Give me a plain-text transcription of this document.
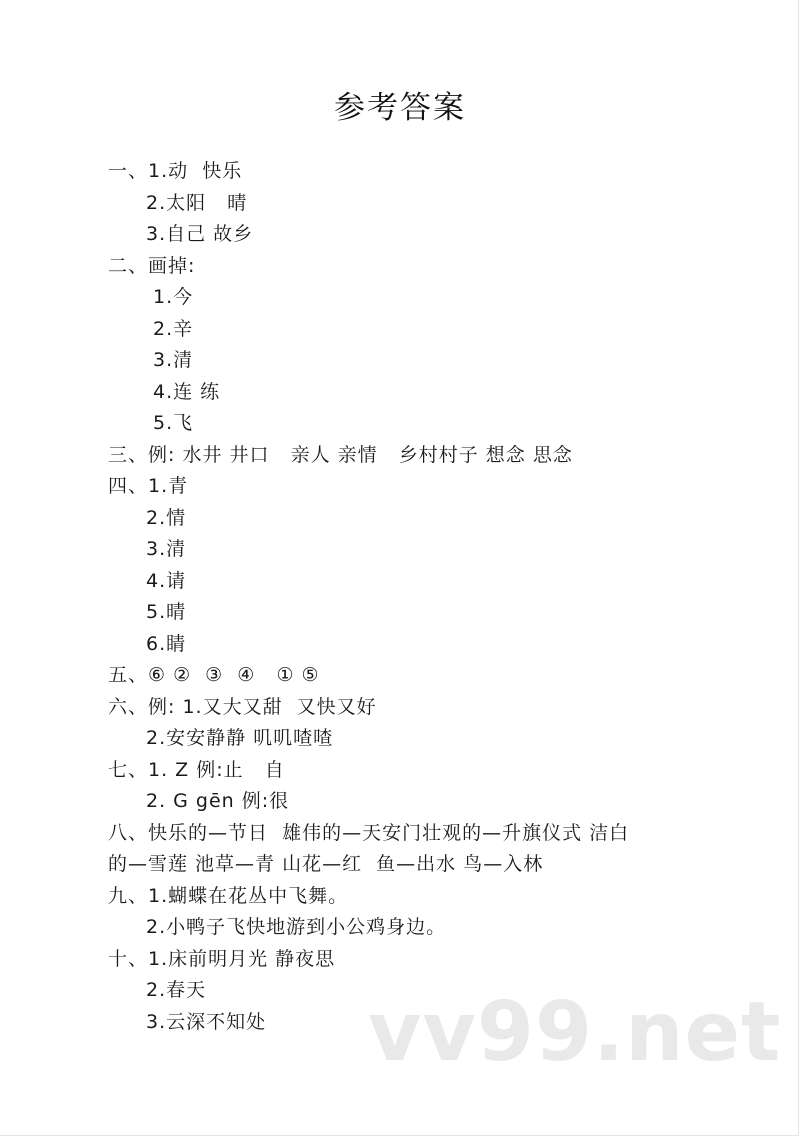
参考答案
一、1.动  快乐
2.太阳   晴
3.自己 故乡
二、画掉:
1.今
2.辛
3.清
4.连 练
5.飞
三、例: 水井 井口   亲人 亲情   乡村村子 想念 思念
四、1.青
2.情
3.清
4.请
5.晴
6.睛
五、⑥ ②  ③  ④   ① ⑤
六、例: 1.又大又甜  又快又好
2.安安静静 叽叽喳喳
七、1. Z 例:止   自
2. G gēn 例:很
八、快乐的—节日  雄伟的—天安门壮观的—升旗仪式 洁白
的—雪莲 池草—青 山花—红  鱼—出水 鸟—入林
九、1.蝴蝶在花丛中飞舞。
2.小鸭子飞快地游到小公鸡身边。
十、1.床前明月光 静夜思
2.春天
3.云深不知处	vv99.net
